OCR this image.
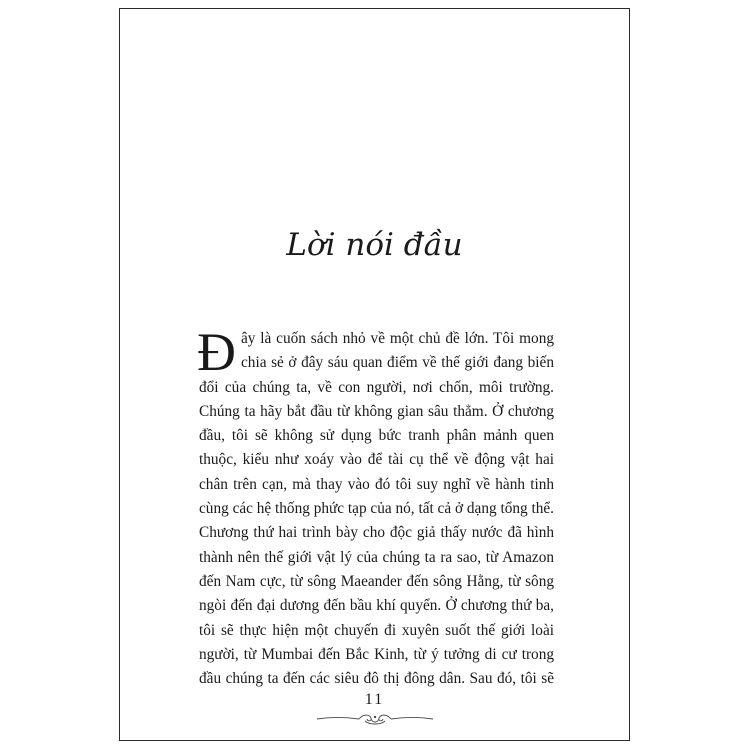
Lời nói đầu
Đ ây là cuốn sách nhỏ về một chủ đề lớn. Tôi mong
chia sẻ ở đây sáu quan điểm về thế giới đang biến
đổi của chúng ta, về con người, nơi chốn, môi trường.
Chúng ta hãy bắt đầu từ không gian sâu thẳm. Ở chương
đầu, tôi sẽ không sử dụng bức tranh phân mảnh quen
thuộc, kiểu như xoáy vào để tài cụ thể về động vật hai
chân trên cạn, mà thay vào đó tôi suy nghĩ về hành tinh
cùng các hệ thống phức tạp của nó, tất cả ở dạng tổng thể.
Chương thứ hai trình bày cho độc giả thấy nước đã hình
thành nên thế giới vật lý của chúng ta ra sao, từ Amazon
đến Nam cực, từ sông Maeander đến sông Hằng, từ sông
ngòi đến đại dương đến bầu khí quyển. Ở chương thứ ba,
tôi sẽ thực hiện một chuyến đi xuyên suốt thế giới loài
người, từ Mumbai đến Bắc Kinh, từ ý tưởng di cư trong
đầu chúng ta đến các siêu đô thị đông dân. Sau đó, tôi sẽ
11
